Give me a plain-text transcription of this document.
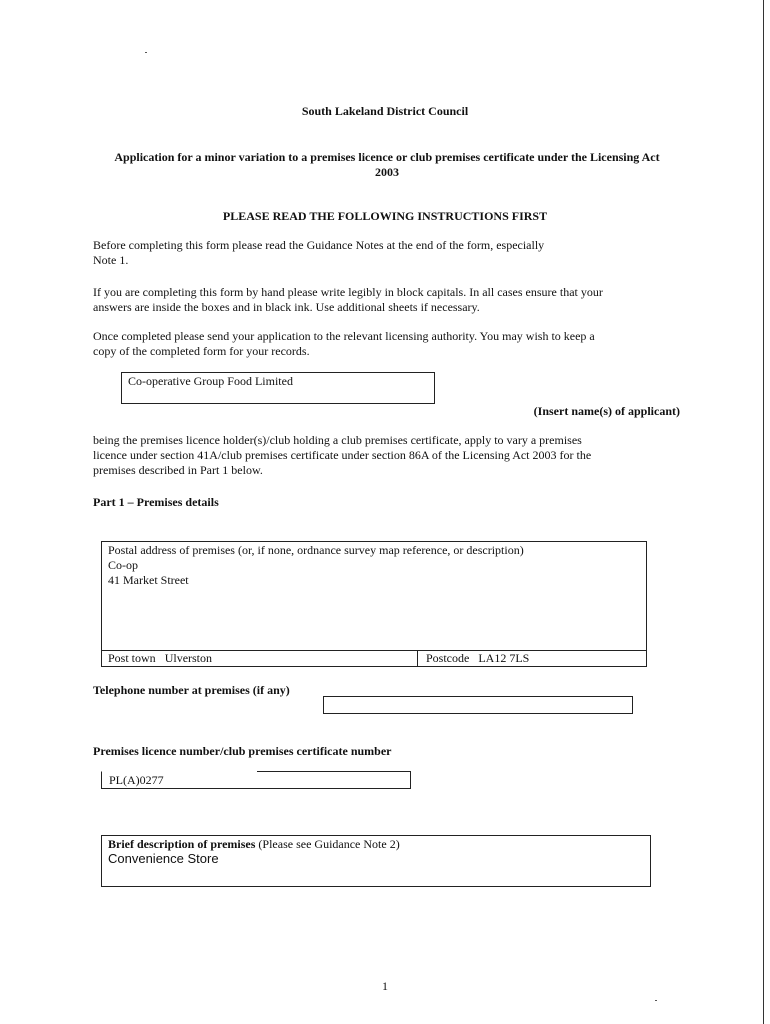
South Lakeland District Council
Application for a minor variation to a premises licence or club premises certificate under the Licensing Act 2003
PLEASE READ THE FOLLOWING INSTRUCTIONS FIRST
Before completing this form please read the Guidance Notes at the end of the form, especially
Note 1.
If you are completing this form by hand please write legibly in block capitals. In all cases ensure that your
answers are inside the boxes and in black ink. Use additional sheets if necessary.
Once completed please send your application to the relevant licensing authority. You may wish to keep a
copy of the completed form for your records.
Co-operative Group Food Limited
(Insert name(s) of applicant)
being the premises licence holder(s)/club holding a club premises certificate, apply to vary a premises
licence under section 41A/club premises certificate under section 86A of the Licensing Act 2003 for the
premises described in Part 1 below.
Part 1 – Premises details
Postal address of premises (or, if none, ordnance survey map reference, or description)
Co-op
41 Market Street
Post town Ulverston	Postcode LA12 7LS
Telephone number at premises (if any)
Premises licence number/club premises certificate number
PL(A)0277
Brief description of premises (Please see Guidance Note 2)
Convenience Store
1
